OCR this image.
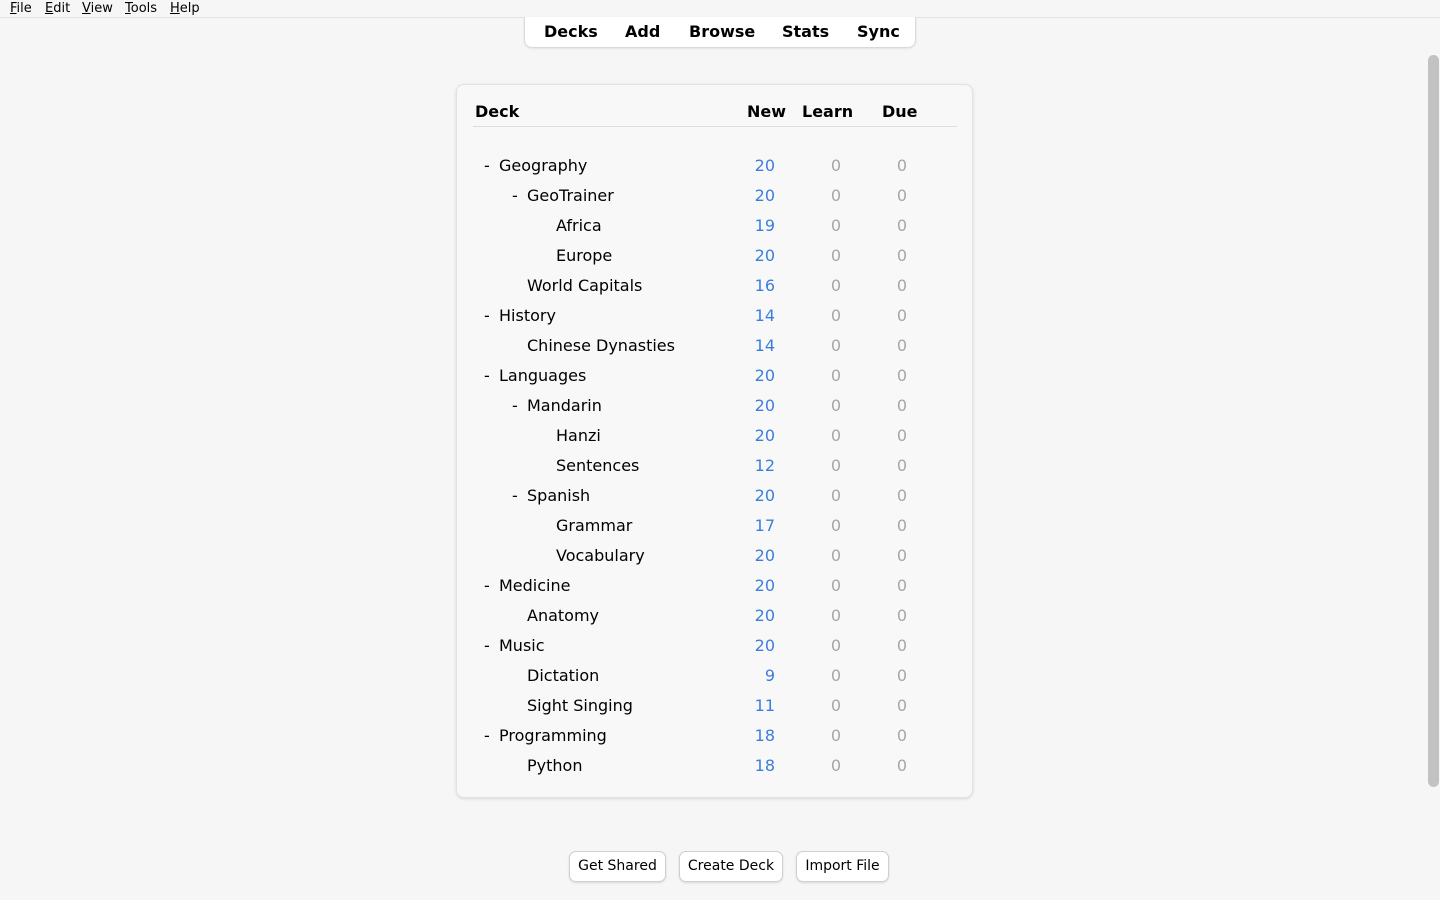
File Edit View Tools Help
Decks Add Browse Stats Sync
Deck	New Learn Due
- Geography	20	0	0
- GeoTrainer	20	0	0
Africa	19	0	0
Europe	20	0	0
World Capitals	16	0	0
- History	14	0	0
Chinese Dynasties	14	0	0
- Languages	20	0	0
- Mandarin	20	0	0
Hanzi	20	0	0
Sentences	12	0	0
- Spanish	20	0	0
Grammar	17	0	0
Vocabulary	20	0	0
- Medicine	20	0	0
Anatomy	20	0	0
- Music	20	0	0
Dictation	9	0	0
Sight Singing	11	0	0
- Programming	18	0	0
Python	18	0	0
Get Shared	Create Deck	Import File
